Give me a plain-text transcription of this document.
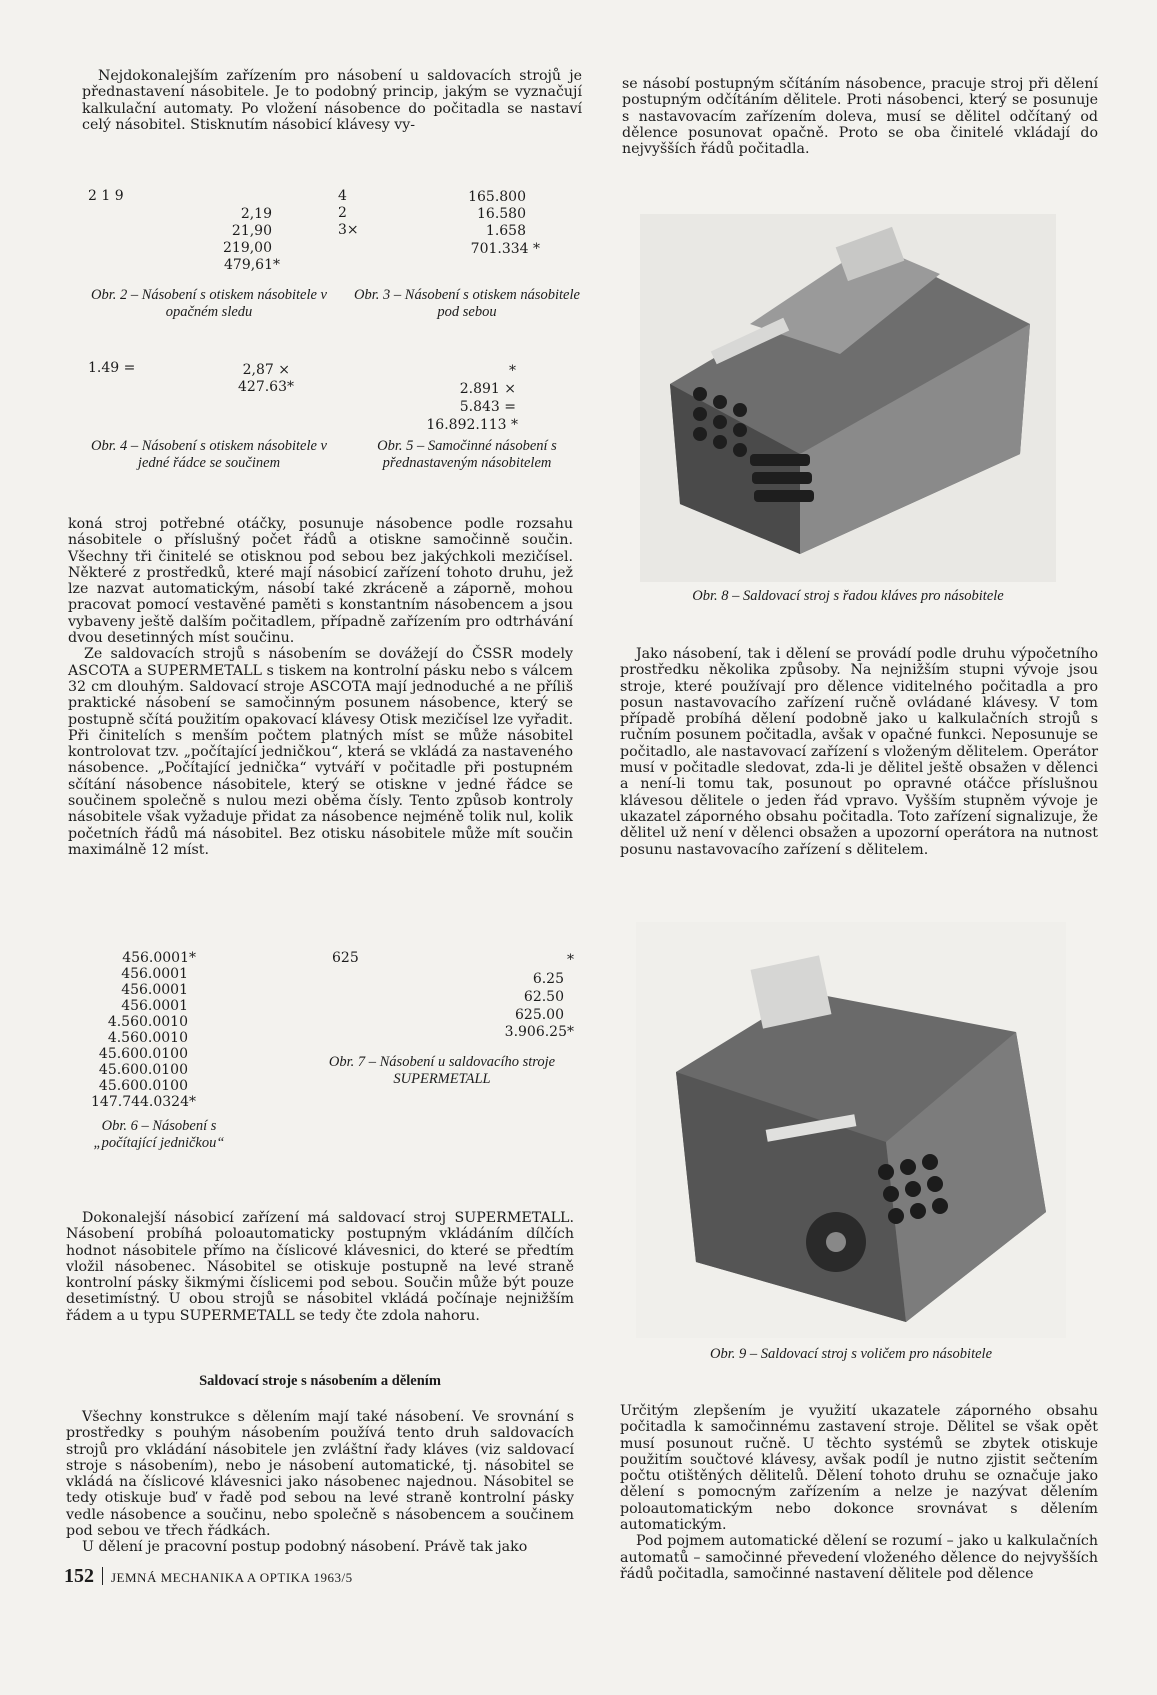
Nejdokonalejším zařízením pro násobení u saldovacích strojů je přednastavení násobitele. Je to podobný princip, jakým se vyznačují kalkulační automaty. Po vložení násobence do počitadla se nastaví celý násobitel. Stisknutím násobicí klávesy vy-

2 1 9
2,19
21,90
219,00
479,61*
Obr. 2 – Násobení s otiskem násobitele v opačném sledu
4
2
3×
165.800
16.580
1.658
701.334 *
Obr. 3 – Násobení s otiskem násobitele pod sebou
1.49 =	2,87 ×
427.63*
Obr. 4 – Násobení s otiskem násobitele v jedné řádce se součinem
*
2.891 ×
5.843 =
16.892.113 *
Obr. 5 – Samočinné násobení s přednastaveným násobitelem

koná stroj potřebné otáčky, posunuje násobence podle rozsahu násobitele o příslušný počet řádů a otiskne samočinně součin. Všechny tři činitelé se otisknou pod sebou bez jakýchkoli mezičísel. Některé z prostředků, které mají násobicí zařízení tohoto druhu, jež lze nazvat automatickým, násobí také zkráceně a záporně, mohou pracovat pomocí vestavěné paměti s konstantním násobencem a jsou vybaveny ještě dalším počitadlem, případně zařízením pro odtrhávání dvou desetinných míst součinu.

Ze saldovacích strojů s násobením se dovážejí do ČSSR modely ASCOTA a SUPERMETALL s tiskem na kontrolní pásku nebo s válcem 32 cm dlouhým. Saldovací stroje ASCOTA mají jednoduché a ne příliš praktické násobení se samočinným posunem násobence, který se postupně sčítá použitím opakovací klávesy Otisk mezičísel lze vyřadit. Při činitelích s menším počtem platných míst se může násobitel kontrolovat tzv. „počítající jedničkou“, která se vkládá za nastaveného násobence. „Počítající jednička“ vytváří v počitadle při postupném sčítání násobence násobitele, který se otiskne v jedné řádce se součinem společně s nulou mezi oběma čísly. Tento způsob kontroly násobitele však vyžaduje přidat za násobence nejméně tolik nul, kolik početních řádů má násobitel. Bez otisku násobitele může mít součin maximálně 12 míst.

456.0001*
456.0001
456.0001
456.0001
4.560.0010
4.560.0010
45.600.0100
45.600.0100
45.600.0100
147.744.0324*
Obr. 6 – Násobení s „počítající jedničkou“
625	*
6.25
62.50
625.00
3.906.25*
Obr. 7 – Násobení u saldovacího stroje SUPERMETALL

Dokonalejší násobicí zařízení má saldovací stroj SUPERMETALL. Násobení probíhá poloautomaticky postupným vkládáním dílčích hodnot násobitele přímo na číslicové klávesnici, do které se předtím vložil násobenec. Násobitel se otiskuje postupně na levé straně kontrolní pásky šikmými číslicemi pod sebou. Součin může být pouze desetimístný. U obou strojů se násobitel vkládá počínaje nejnižším řádem a u typu SUPERMETALL se tedy čte zdola nahoru.

Saldovací stroje s násobením a dělením

Všechny konstrukce s dělením mají také násobení. Ve srovnání s prostředky s pouhým násobením používá tento druh saldovacích strojů pro vkládání násobitele jen zvláštní řady kláves (viz saldovací stroje s násobením), nebo je násobení automatické, tj. násobitel se vkládá na číslicové klávesnici jako násobenec najednou. Násobitel se tedy otiskuje buď v řadě pod sebou na levé straně kontrolní pásky vedle násobence a součinu, nebo společně s násobencem a součinem pod sebou ve třech řádkách.

U dělení je pracovní postup podobný násobení. Právě tak jako

se násobí postupným sčítáním násobence, pracuje stroj při dělení postupným odčítáním dělitele. Proti násobenci, který se posunuje s nastavovacím zařízením doleva, musí se dělitel odčítaný od dělence posunovat opačně. Proto se oba činitelé vkládají do nejvyšších řádů počitadla.

Obr. 8 – Saldovací stroj s řadou kláves pro násobitele

Jako násobení, tak i dělení se provádí podle druhu výpočetního prostředku několika způsoby. Na nejnižším stupni vývoje jsou stroje, které používají pro dělence viditelného počitadla a pro posun nastavovacího zařízení ručně ovládané klávesy. V tom případě probíhá dělení podobně jako u kalkulačních strojů s ručním posunem počitadla, avšak v opačné funkci. Neposunuje se počitadlo, ale nastavovací zařízení s vloženým dělitelem. Operátor musí v počitadle sledovat, zda-li je dělitel ještě obsažen v dělenci a není-li tomu tak, posunout po opravné otáčce příslušnou klávesou dělitele o jeden řád vpravo. Vyšším stupněm vývoje je ukazatel záporného obsahu počitadla. Toto zařízení signalizuje, že dělitel už není v dělenci obsažen a upozorní operátora na nutnost posunu nastavovacího zařízení s dělitelem.

Obr. 9 – Saldovací stroj s voličem pro násobitele

Určitým zlepšením je využití ukazatele záporného obsahu počitadla k samočinnému zastavení stroje. Dělitel se však opět musí posunout ručně. U těchto systémů se zbytek otiskuje použitím součtové klávesy, avšak podíl je nutno zjistit sečtením počtu otištěných dělitelů. Dělení tohoto druhu se označuje jako dělení s pomocným zařízením a nelze je nazývat dělením poloautomatickým nebo dokonce srovnávat s dělením automatickým.

Pod pojmem automatické dělení se rozumí – jako u kalkulačních automatů – samočinné převedení vloženého dělence do nejvyšších řádů počitadla, samočinné nastavení dělitele pod dělence

152 JEMNÁ MECHANIKA A OPTIKA 1963/5
